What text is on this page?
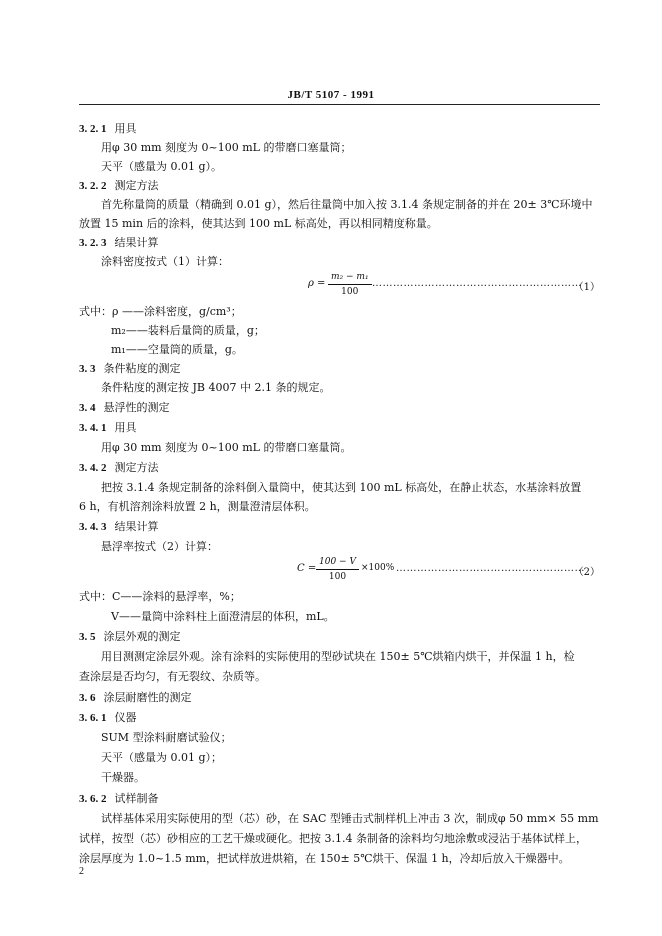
JB/T 5107 - 1991
3. 2. 1 用具
用φ 30 mm 刻度为 0~100 mL 的带磨口塞量筒；
天平（感量为 0.01 g）。
3. 2. 2 测定方法
首先称量筒的质量（精确到 0.01 g），然后往量筒中加入按 3.1.4 条规定制备的并在 20± 3℃环境中
放置 15 min 后的涂料，使其达到 100 mL 标高处，再以相同精度称量。
3. 2. 3 结果计算
涂料密度按式（1）计算：
$\rho = \frac{\text{m₂ − m₁}}{100}$ ……………………………………………………
（1）
式中：ρ ——涂料密度，g/cm³；
m₂——装料后量筒的质量，g；
m₁——空量筒的质量，g。
3. 3 条件粘度的测定
条件粘度的测定按 JB 4007 中 2.1 条的规定。
3. 4 悬浮性的测定
3. 4. 1 用具
用φ 30 mm 刻度为 0~100 mL 的带磨口塞量筒。
3. 4. 2 测定方法
把按 3.1.4 条规定制备的涂料倒入量筒中，使其达到 100 mL 标高处，在静止状态，水基涂料放置
6 h，有机溶剂涂料放置 2 h，测量澄清层体积。
3. 4. 3 结果计算
悬浮率按式（2）计算：
$C = \frac{100 - V}{100} \times 100\%$ ………………………………………………
（2）
式中：C——涂料的悬浮率，%；
V——量筒中涂料柱上面澄清层的体积，mL。
3. 5 涂层外观的测定
用目测测定涂层外观。涂有涂料的实际使用的型砂试块在 150± 5℃烘箱内烘干，并保温 1 h，检
查涂层是否均匀，有无裂纹、杂质等。
3. 6 涂层耐磨性的测定
3. 6. 1 仪器
SUM 型涂料耐磨试验仪；
天平（感量为 0.01 g）；
干燥器。
3. 6. 2 试样制备
试样基体采用实际使用的型（芯）砂，在 SAC 型锤击式制样机上冲击 3 次，制成φ 50 mm× 55 mm
试样，按型（芯）砂相应的工艺干燥或硬化。把按 3.1.4 条制备的涂料均匀地涂敷或浸沾于基体试样上，
涂层厚度为 1.0~1.5 mm，把试样放进烘箱，在 150± 5℃烘干、保温 1 h，冷却后放入干燥器中。
2
